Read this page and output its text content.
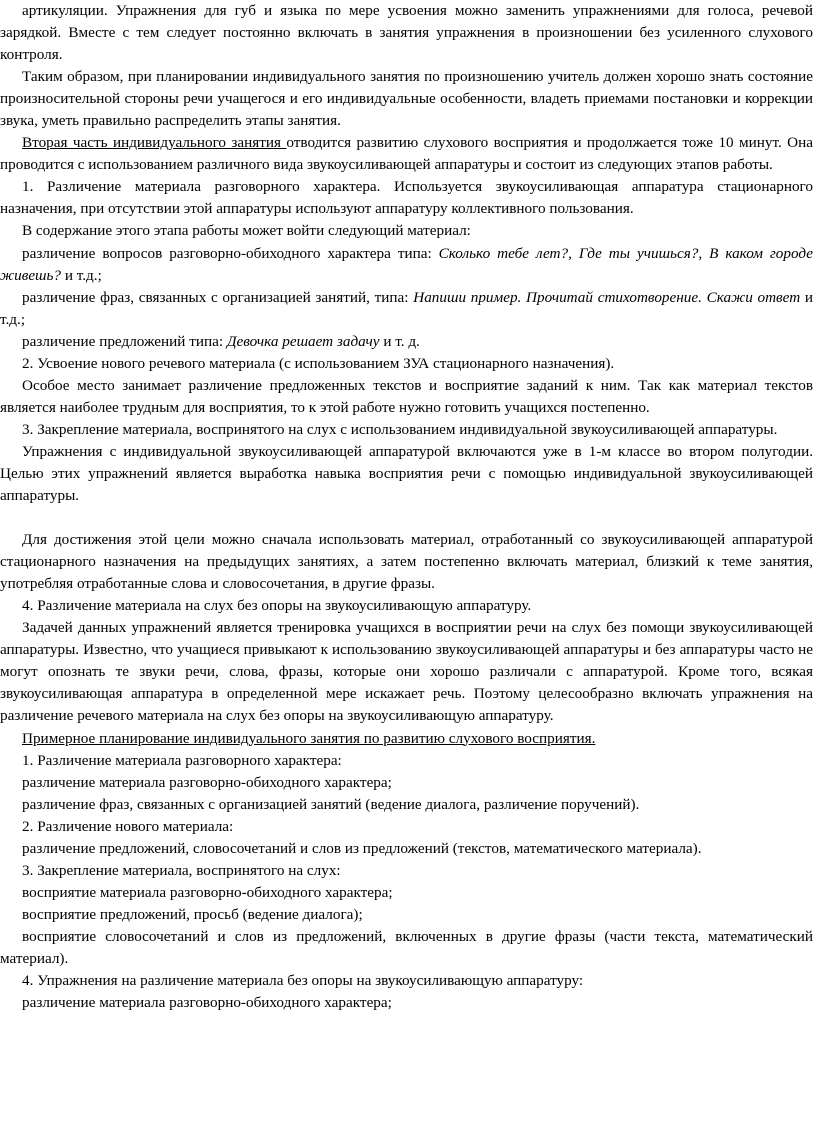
артикуляции. Упражнения для губ и языка по мере усвоения можно заменить упражнениями для голоса, речевой зарядкой. Вместе с тем следует постоянно включать в занятия упражнения в произношении без усиленного слухового контроля.

Таким образом, при планировании индивидуального занятия по произношению учитель должен хорошо знать состояние произносительной стороны речи учащегося и его индивидуальные особенности, владеть приемами постановки и коррекции звука, уметь правильно распределить этапы занятия.

Вторая часть индивидуального занятия отводится развитию слухового восприятия и продолжается тоже 10 минут. Она проводится с использованием различного вида звукоусиливающей аппаратуры и состоит из следующих этапов работы.

1. Различение материала разговорного характера. Используется звукоусиливающая аппаратура стационарного назначения, при отсутствии этой аппаратуры используют аппаратуру коллективного пользования.

В содержание этого этапа работы может войти следующий материал:

различение вопросов разговорно-обиходного характера типа: Сколько тебе лет?, Где ты учишься?, В каком городе живешь? и т.д.;

различение фраз, связанных с организацией занятий, типа: Напиши пример. Прочитай стихотворение. Скажи ответ и т.д.;

различение предложений типа: Девочка решает задачу и т. д.

2. Усвоение нового речевого материала (с использованием ЗУА стационарного назначения).

Особое место занимает различение предложенных текстов и восприятие заданий к ним. Так как материал текстов является наиболее трудным для восприятия, то к этой работе нужно готовить учащихся постепенно.

3. Закрепление материала, воспринятого на слух с использованием индивидуальной звукоусиливающей аппаратуры.

Упражнения с индивидуальной звукоусиливающей аппаратурой включаются уже в 1-м классе во втором полугодии. Целью этих упражнений является выработка навыка восприятия речи с помощью индивидуальной звукоусиливающей аппаратуры.

Для достижения этой цели можно сначала использовать материал, отработанный со звукоусиливающей аппаратурой стационарного назначения на предыдущих занятиях, а затем постепенно включать материал, близкий к теме занятия, употребляя отработанные слова и словосочетания, в другие фразы.

4. Различение материала на слух без опоры на звукоусиливающую аппаратуру.

Задачей данных упражнений является тренировка учащихся в восприятии речи на слух без помощи звукоусиливающей аппаратуры. Известно, что учащиеся привыкают к использованию звукоусиливающей аппаратуры и без аппаратуры часто не могут опознать те звуки речи, слова, фразы, которые они хорошо различали с аппаратурой. Кроме того, всякая звукоусиливающая аппаратура в определенной мере искажает речь. Поэтому целесообразно включать упражнения на различение речевого материала на слух без опоры на звукоусиливающую аппаратуру.

Примерное планирование индивидуального занятия по развитию слухового восприятия.

1. Различение материала разговорного характера:

различение материала разговорно-обиходного характера;

различение фраз, связанных с организацией занятий (ведение диалога, различение поручений).

2. Различение нового материала:

различение предложений, словосочетаний и слов из предложений (текстов, математического материала).

3. Закрепление материала, воспринятого на слух:

восприятие материала разговорно-обиходного характера;

восприятие предложений, просьб (ведение диалога);

восприятие словосочетаний и слов из предложений, включенных в другие фразы (части текста, математический материал).

4. Упражнения на различение материала без опоры на звукоусиливающую аппаратуру:

различение материала разговорно-обиходного характера;
